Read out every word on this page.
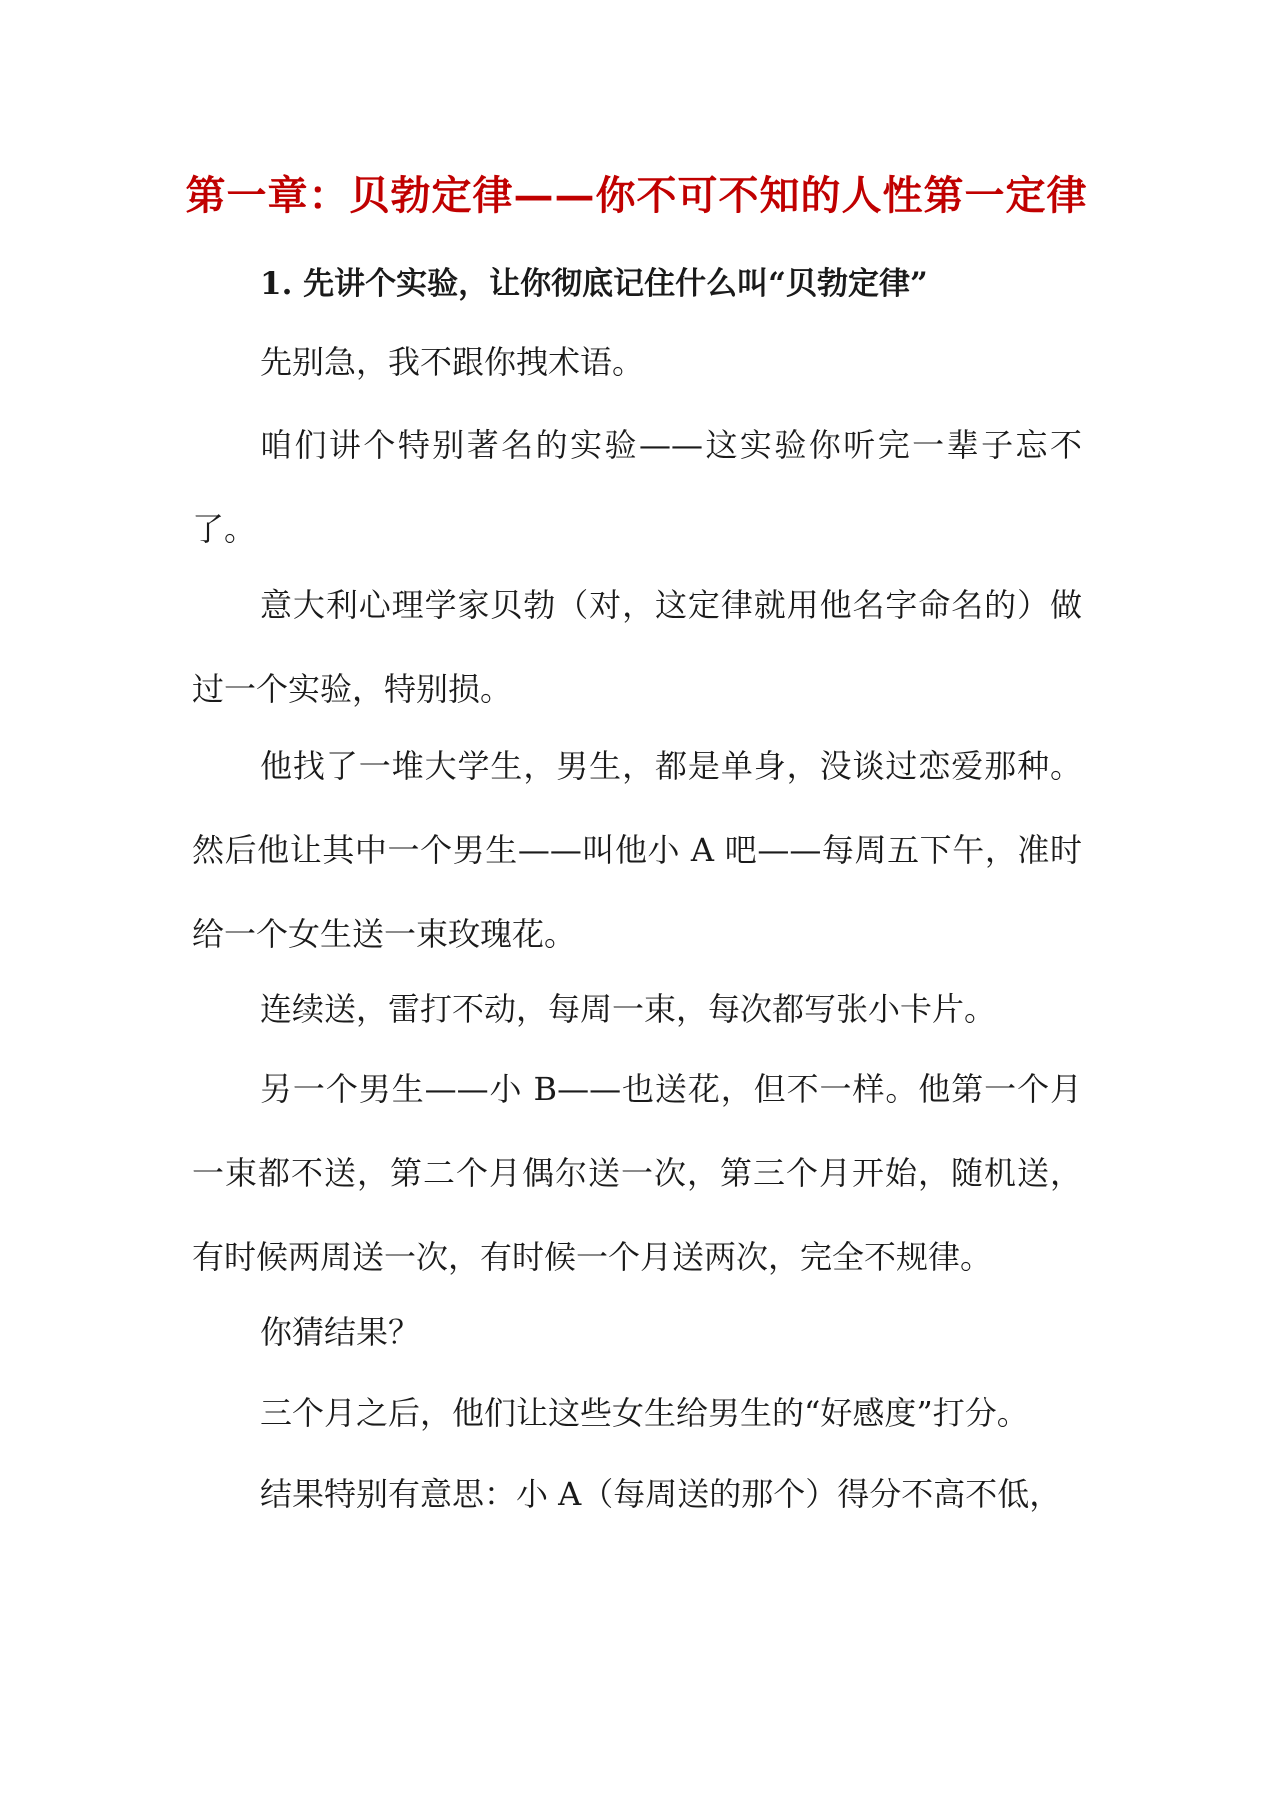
第一章：贝勃定律——你不可不知的人性第一定律
1. 先讲个实验，让你彻底记住什么叫“贝勃定律”

先别急，我不跟你拽术语。

咱们讲个特别著名的实验——这实验你听完一辈子忘不了。

意大利心理学家贝勃（对，这定律就用他名字命名的）做过一个实验，特别损。

他找了一堆大学生，男生，都是单身，没谈过恋爱那种。然后他让其中一个男生——叫他小 A 吧——每周五下午，准时给一个女生送一束玫瑰花。

连续送，雷打不动，每周一束，每次都写张小卡片。

另一个男生——小 B——也送花，但不一样。他第一个月一束都不送，第二个月偶尔送一次，第三个月开始，随机送，有时候两周送一次，有时候一个月送两次，完全不规律。

你猜结果？

三个月之后，他们让这些女生给男生的“好感度”打分。

结果特别有意思：小 A（每周送的那个）得分不高不低，
